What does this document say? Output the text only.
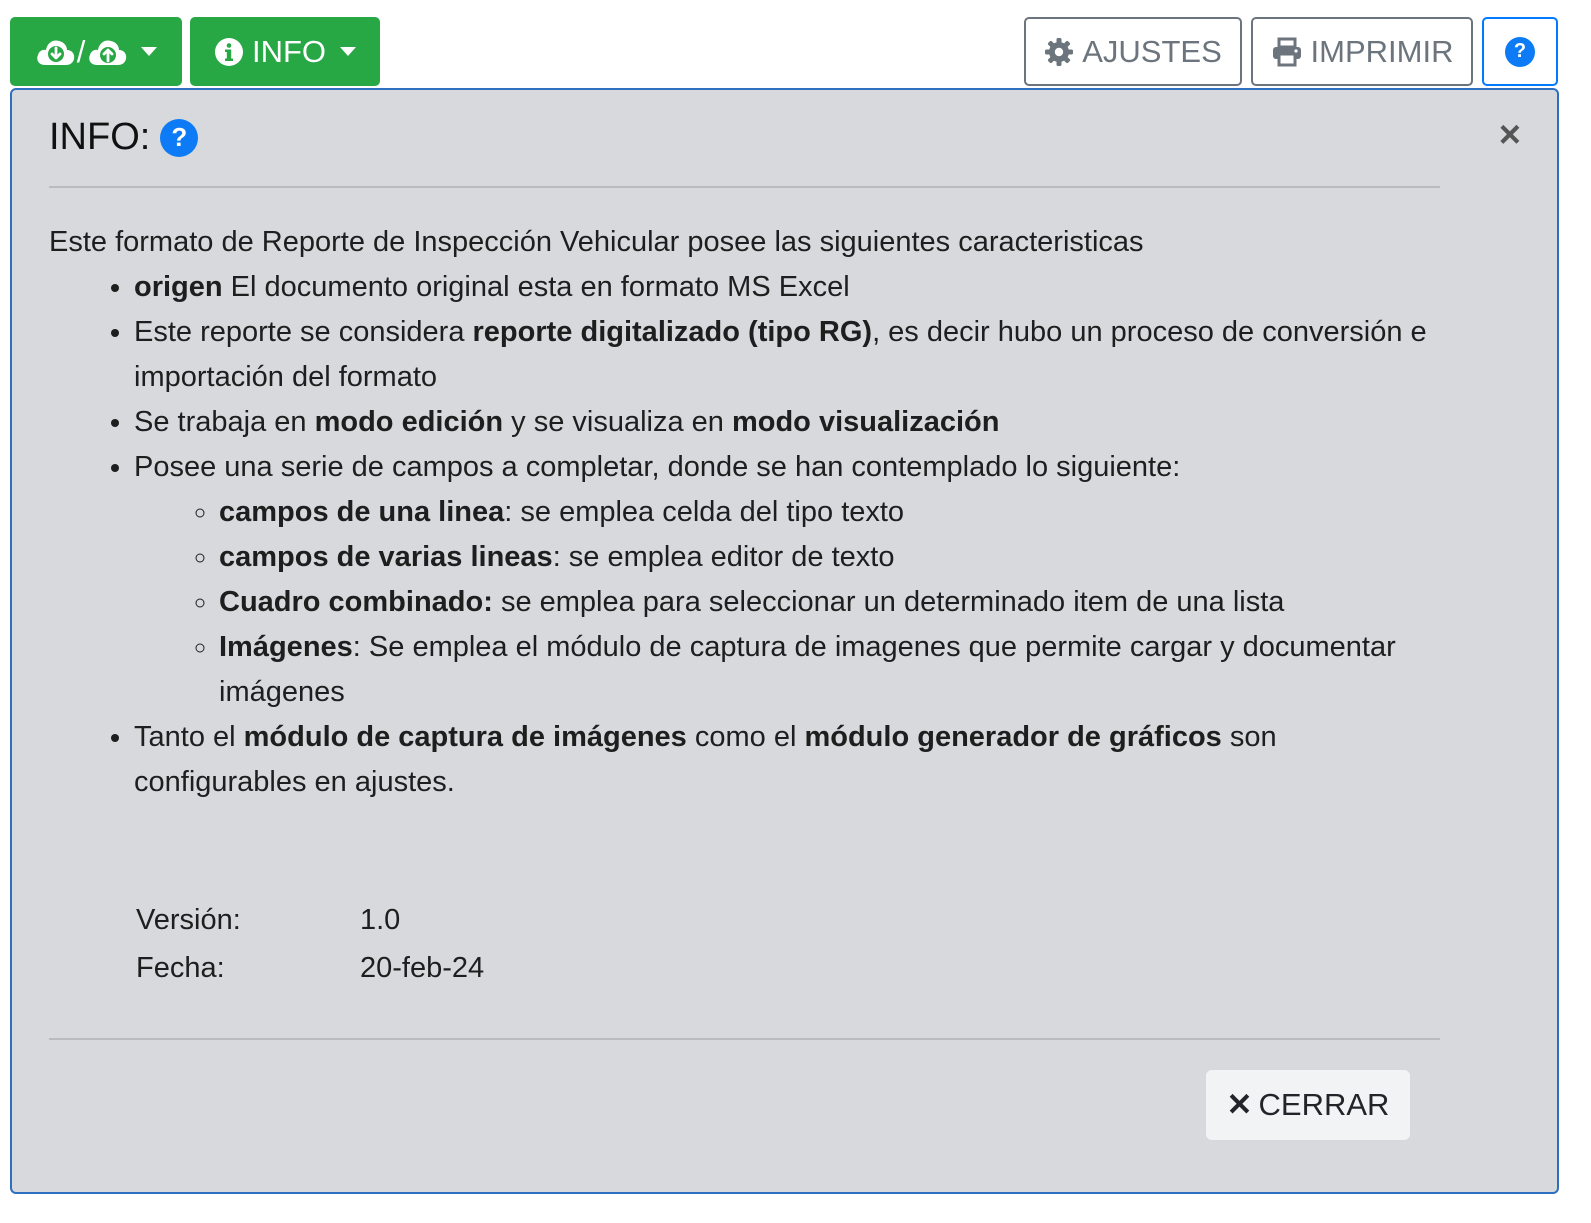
/	INFO	AJUSTES	IMPRIMIR	?
INFO: ?	×

Este formato de Reporte de Inspección Vehicular posee las siguientes caracteristicas

• origen El documento original esta en formato MS Excel
• Este reporte se considera reporte digitalizado (tipo RG), es decir hubo un proceso de conversión e importación del formato
• Se trabaja en modo edición y se visualiza en modo visualización
• Posee una serie de campos a completar, donde se han contemplado lo siguiente:
◦ campos de una linea: se emplea celda del tipo texto
◦ campos de varias lineas: se emplea editor de texto
◦ Cuadro combinado: se emplea para seleccionar un determinado item de una lista
◦ Imágenes: Se emplea el módulo de captura de imagenes que permite cargar y documentar imágenes
• Tanto el módulo de captura de imágenes como el módulo generador de gráficos son configurables en ajustes.
Versión:	1.0
Fecha:	20-feb-24
✕ CERRAR
